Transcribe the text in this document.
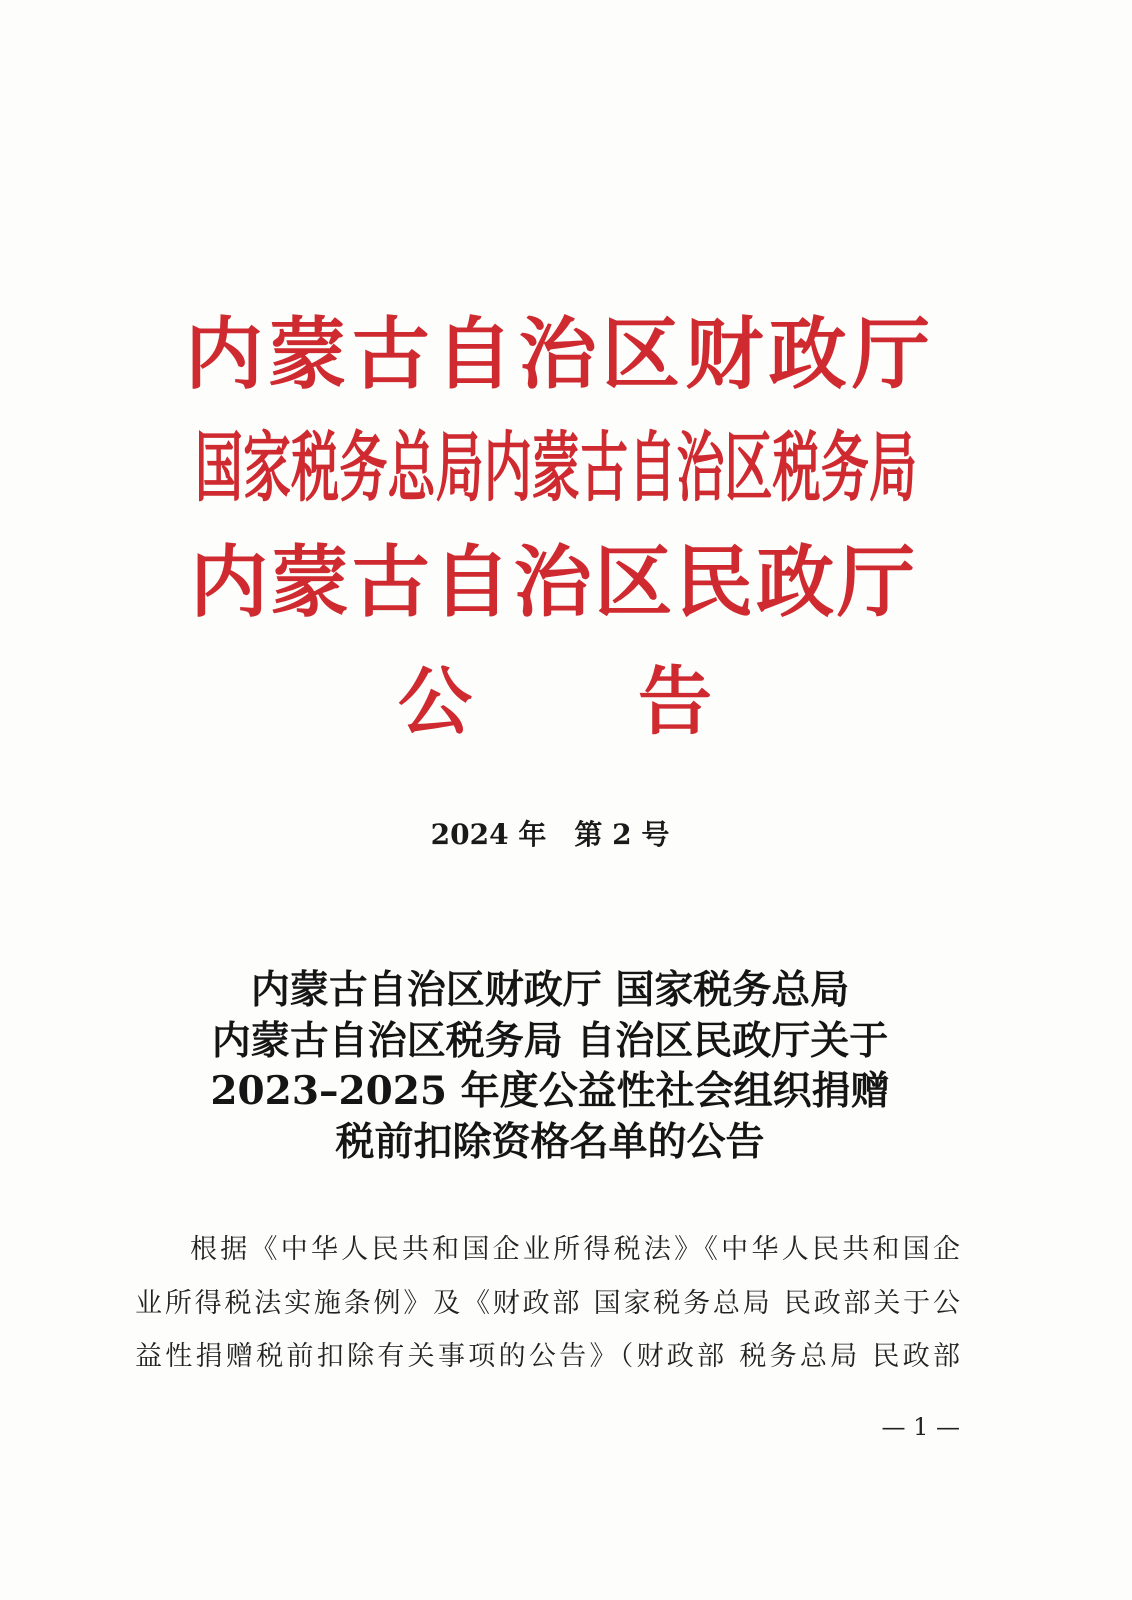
内蒙古自治区财政厅
国家税务总局内蒙古自治区税务局
内蒙古自治区民政厅
公告
2024 年　第 2 号
内蒙古自治区财政厅 国家税务总局
内蒙古自治区税务局 自治区民政厅关于
2023–2025 年度公益性社会组织捐赠
税前扣除资格名单的公告
根据《中华人民共和国企业所得税法》《中华人民共和国企
业所得税法实施条例》及《财政部 国家税务总局 民政部关于公
益性捐赠税前扣除有关事项的公告》（财政部 税务总局 民政部
— 1 —
